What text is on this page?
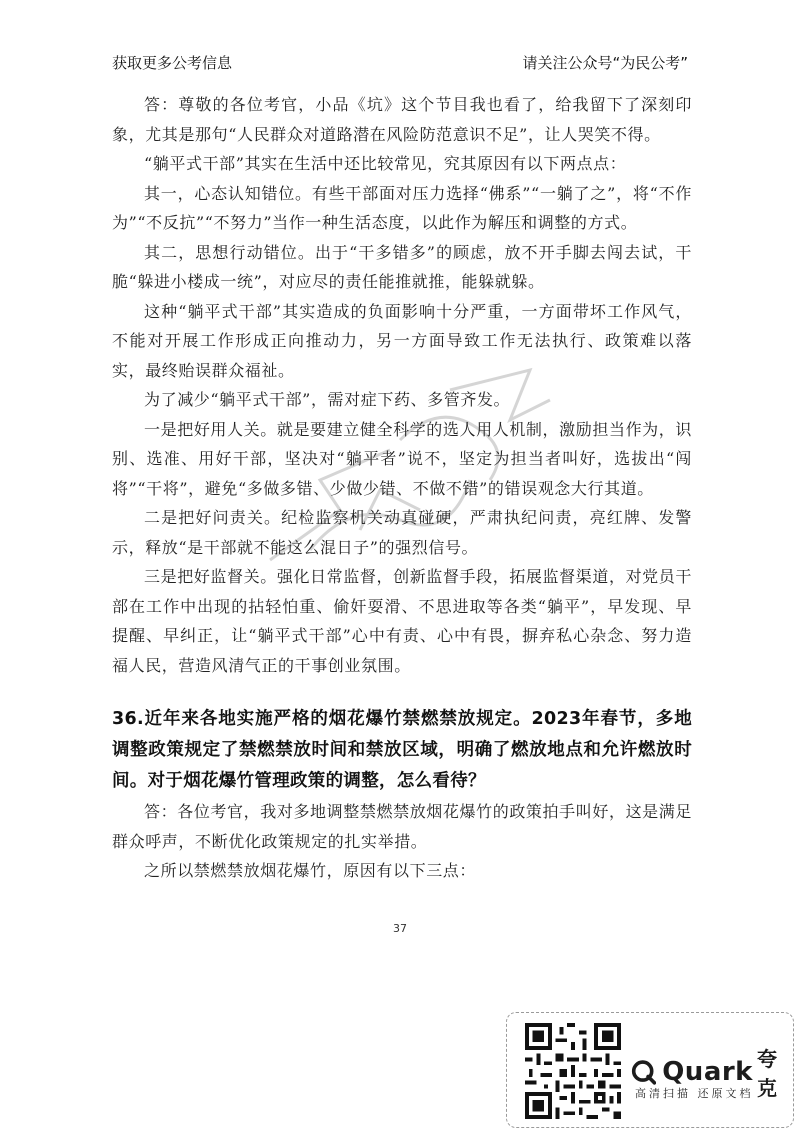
获取更多公考信息	请关注公众号“为民公考”

答：尊敬的各位考官，小品《坑》这个节目我也看了，给我留下了深刻印象，尤其是那句“人民群众对道路潜在风险防范意识不足”，让人哭笑不得。

“躺平式干部”其实在生活中还比较常见，究其原因有以下两点点：

其一，心态认知错位。有些干部面对压力选择“佛系”“一躺了之”，将“不作为”“不反抗”“不努力”当作一种生活态度，以此作为解压和调整的方式。

其二，思想行动错位。出于“干多错多”的顾虑，放不开手脚去闯去试，干脆“躲进小楼成一统”，对应尽的责任能推就推，能躲就躲。

这种“躺平式干部”其实造成的负面影响十分严重，一方面带坏工作风气，不能对开展工作形成正向推动力，另一方面导致工作无法执行、政策难以落实，最终贻误群众福祉。

为了减少“躺平式干部”，需对症下药、多管齐发。

一是把好用人关。就是要建立健全科学的选人用人机制，激励担当作为，识别、选准、用好干部，坚决对“躺平者”说不，坚定为担当者叫好，选拔出“闯将”“干将”，避免“多做多错、少做少错、不做不错”的错误观念大行其道。

二是把好问责关。纪检监察机关动真碰硬，严肃执纪问责，亮红牌、发警示，释放“是干部就不能这么混日子”的强烈信号。

三是把好监督关。强化日常监督，创新监督手段，拓展监督渠道，对党员干部在工作中出现的拈轻怕重、偷奸耍滑、不思进取等各类“躺平”，早发现、早提醒、早纠正，让“躺平式干部”心中有责、心中有畏，摒弃私心杂念、努力造福人民，营造风清气正的干事创业氛围。

36.近年来各地实施严格的烟花爆竹禁燃禁放规定。2023年春节，多地调整政策规定了禁燃禁放时间和禁放区域，明确了燃放地点和允许燃放时间。对于烟花爆竹管理政策的调整，怎么看待？

答：各位考官，我对多地调整禁燃禁放烟花爆竹的政策拍手叫好，这是满足群众呼声，不断优化政策规定的扎实举措。

之所以禁燃禁放烟花爆竹，原因有以下三点：

37
Quark 夸克
高清扫描 还原文档
